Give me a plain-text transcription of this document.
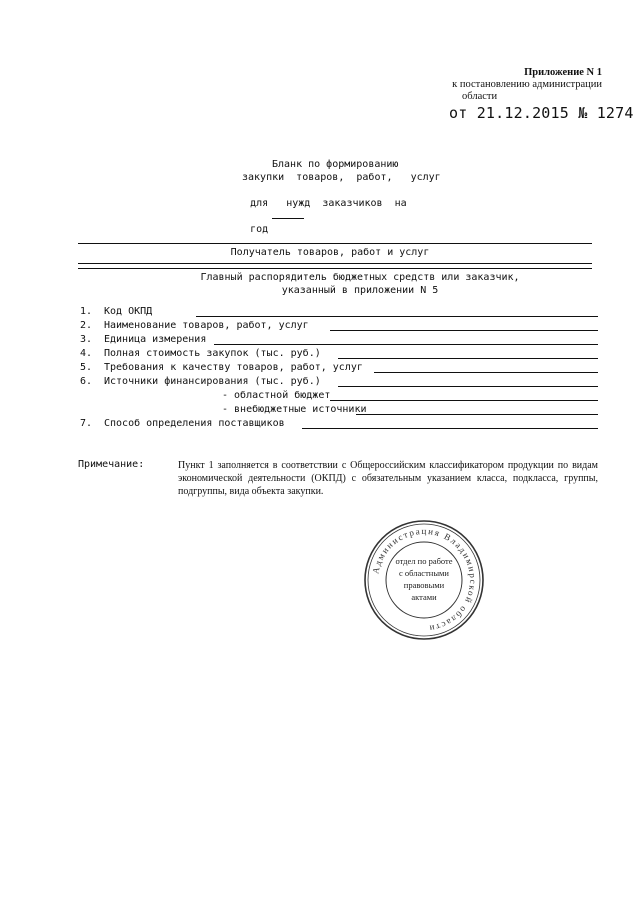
Приложение N 1
к постановлению администрации
области
от 21.12.2015 № 1274
Бланк по формированию
закупки  товаров,  работ,   услуг

для   нужд  заказчиков  на

год

Получатель товаров, работ и услуг
Главный распорядитель бюджетных средств или заказчик,
указанный в приложении N 5
1. Код ОКПД
2. Наименование товаров, работ, услуг
3. Единица измерения
4. Полная стоимость закупок (тыс. руб.)
5. Требования к качеству товаров, работ, услуг
6. Источники финансирования (тыс. руб.)
- областной бюджет
- внебюджетные источники
7. Способ определения поставщиков
Примечание:	Пункт 1 заполняется в соответствии с Общероссийским классификатором продукции по видам экономической деятельности (ОКПД) с обязательным указанием класса, подкласса, группы, подгруппы, вида объекта закупки.
Администрация Владимирской области
отдел по работе
с областными
правовыми
актами
